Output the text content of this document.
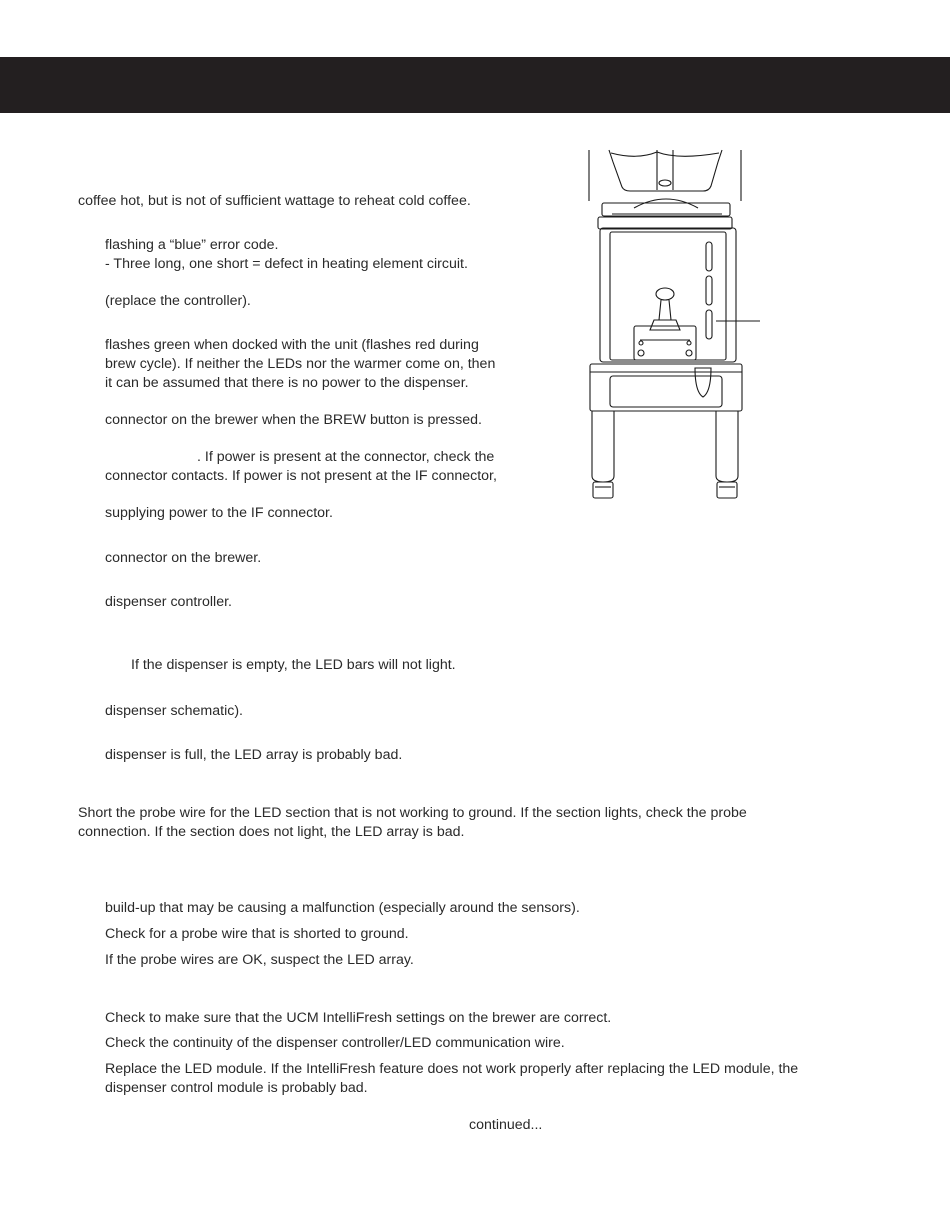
coffee hot, but is not of sufficient wattage to reheat cold coffee.

flashing a “blue” error code.

- Three long, one short = defect in heating element circuit.

(replace the controller).

flashes green when docked with the unit (flashes red during

brew cycle). If neither the LEDs nor the warmer come on, then

it can be assumed that there is no power to the dispenser.

connector on the brewer when the BREW button is pressed.

. If power is present at the connector, check the

connector contacts. If power is not present at the IF connector,

supplying power to the IF connector.

connector on the brewer.

dispenser controller.

If the dispenser is empty, the LED bars will not light.

dispenser schematic).

dispenser is full, the LED array is probably bad.

Short the probe wire for the LED section that is not working to ground. If the section lights, check the probe

connection. If the section does not light, the LED array is bad.

build-up that may be causing a malfunction (especially around the sensors).

Check for a probe wire that is shorted to ground.

If the probe wires are OK, suspect the LED array.

Check to make sure that the UCM IntelliFresh settings on the brewer are correct.

Check the continuity of the dispenser controller/LED communication wire.

Replace the LED module. If the IntelliFresh feature does not work properly after replacing the LED module, the

dispenser control module is probably bad.

continued...
